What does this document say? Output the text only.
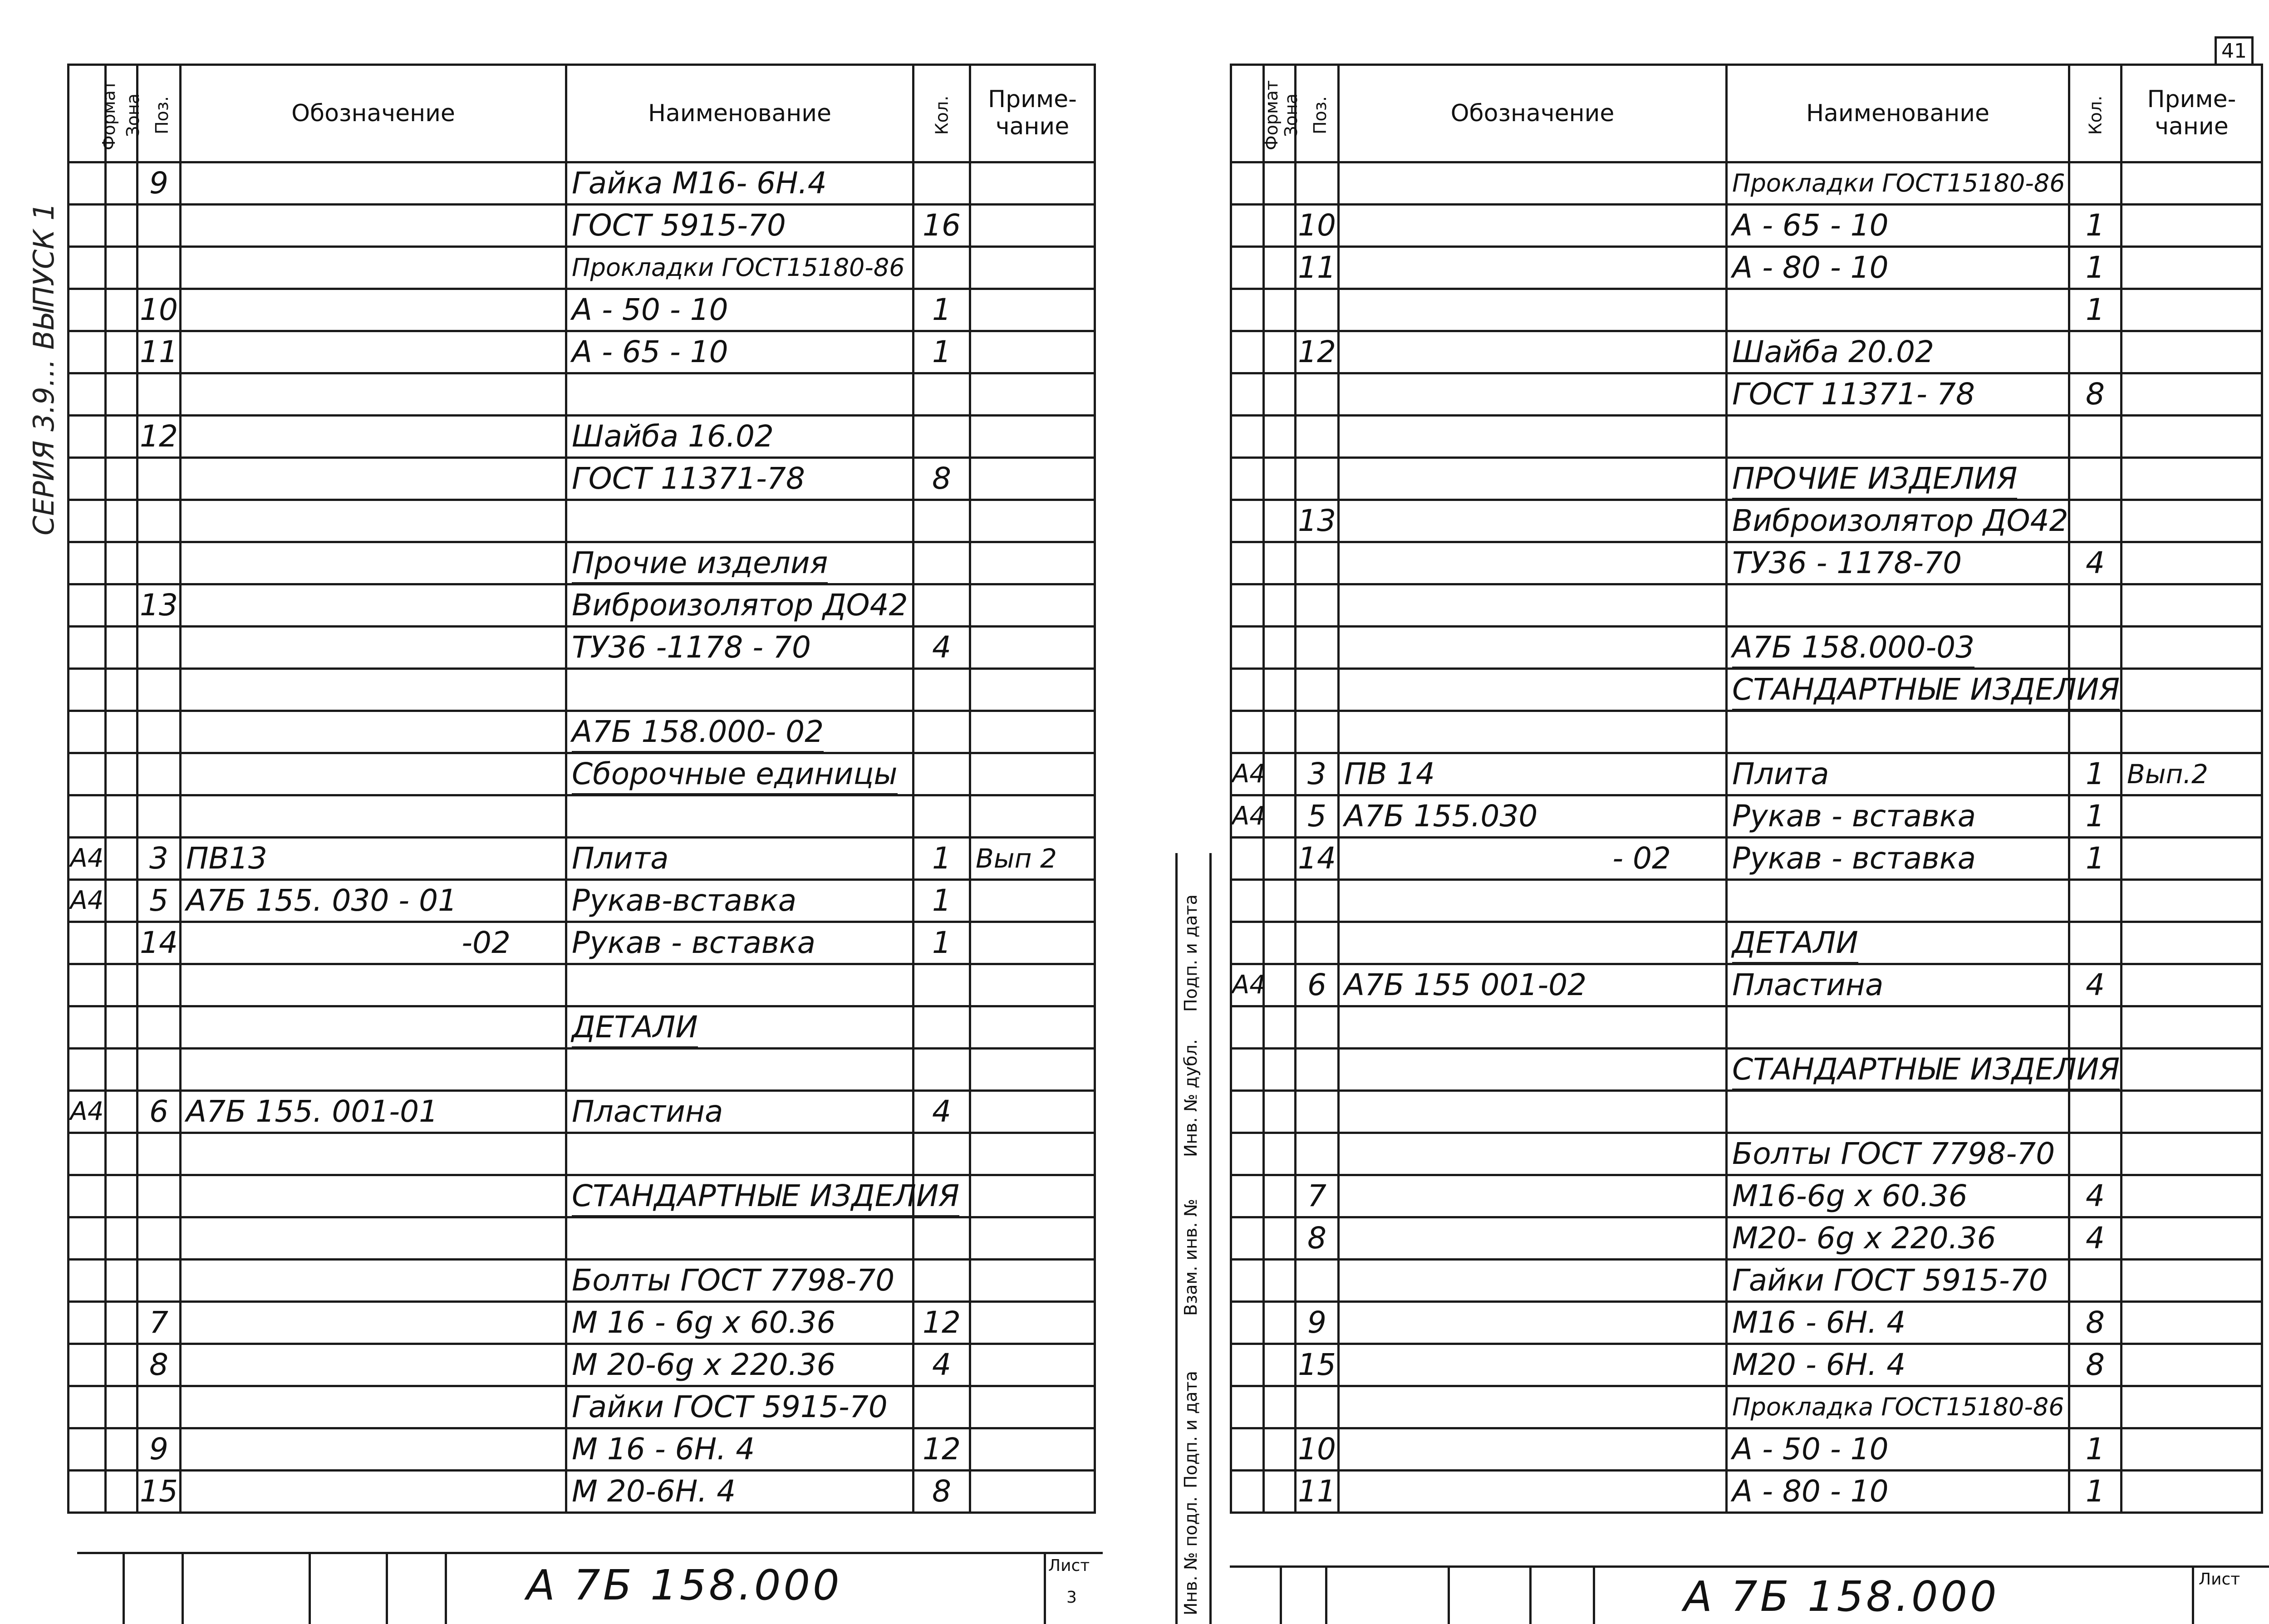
СЕРИЯ 3.9… ВЫПУСК 1
Формат	Зона	Поз.	Обозначение	Наименование	Кол.	Приме-
чание
		9		Гайка М16- 6Н.4		
				ГОСТ 5915-70	16	
				Прокладки ГОСТ15180-86		
		10		А - 50 - 10	1	
		11		А - 65 - 10	1	

		12		Шайба 16.02		
				ГОСТ 11371-78	8	

				Прочие изделия		
		13		Виброизолятор ДО42		
				ТУ36 -1178 - 70	4	

				А7Б 158.000- 02		
				Сборочные единицы		

А4		3	ПВ13	Плита	1	Вып 2
А4		5	А7Б 155. 030 - 01	Рукав-вставка	1	
		14	-02	Рукав - вставка	1	

				ДЕТАЛИ		

А4		6	А7Б 155. 001-01	Пластина	4	

				СТАНДАРТНЫЕ ИЗДЕЛИЯ		

				Болты ГОСТ 7798-70		
		7		М 16 - 6g x 60.36	12	
		8		М 20-6g x 220.36	4	
				Гайки ГОСТ 5915-70		
		9		М 16 - 6Н. 4	12	
		15		М 20-6Н. 4	8	
А 7Б 158.000	Лист
3
41
Инв. № подл.
Подп. и дата
Взам. инв. №
Инв. № дубл.
Подп. и дата
Формат	Зона	Поз.	Обозначение	Наименование	Кол.	Приме-
чание
				Прокладки ГОСТ15180-86		
		10		А - 65 - 10	1	
		11		А - 80 - 10	1	
					1	
		12		Шайба 20.02		
				ГОСТ 11371- 78	8	

				ПРОЧИЕ ИЗДЕЛИЯ		
		13		Виброизолятор ДО42		
				ТУ36 - 1178-70	4	

				А7Б 158.000-03		
				СТАНДАРТНЫЕ ИЗДЕЛИЯ		

А4		3	ПВ 14	Плита	1	Вып.2
А4		5	А7Б 155.030	Рукав - вставка	1	
		14	- 02	Рукав - вставка	1	

				ДЕТАЛИ		
А4		6	А7Б 155 001-02	Пластина	4	

				СТАНДАРТНЫЕ ИЗДЕЛИЯ		

				Болты ГОСТ 7798-70		
		7		М16-6g x 60.36	4	
		8		М20- 6g x 220.36	4	
				Гайки ГОСТ 5915-70		
		9		М16 - 6Н. 4	8	
		15		М20 - 6Н. 4	8	
				Прокладка ГОСТ15180-86		
		10		А - 50 - 10	1	
		11		А - 80 - 10	1	
А 7Б 158.000	Лист
